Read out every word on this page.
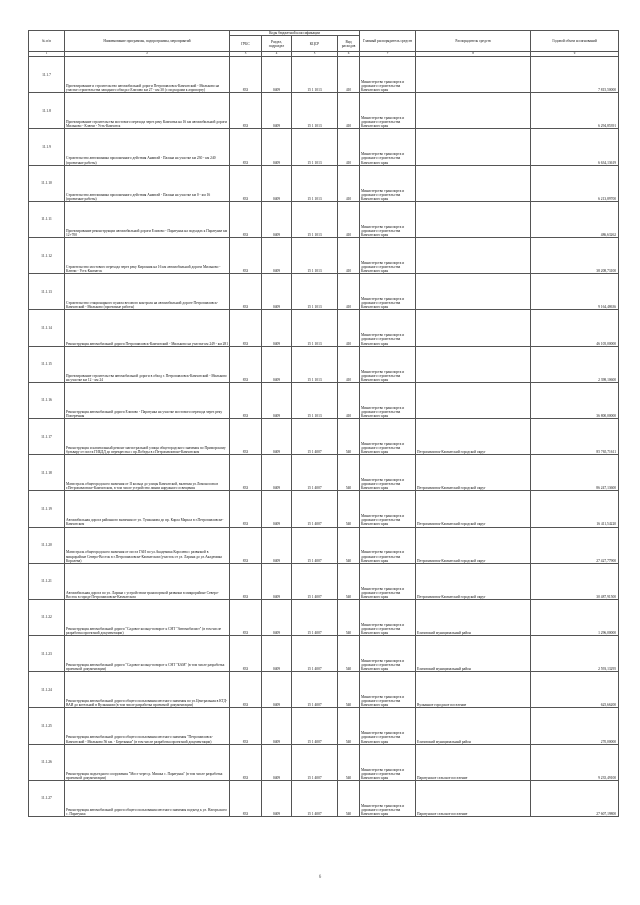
№ п/п	Наименование программы, подпрограммы, мероприятий	Коды бюджетной классификации				Главный распорядитель средств	Распорядитель средств	Годовой объем ассигнований
		ГРБС	Раздел, подраздел	КЦСР	Вид расходов			
1	2	3	4	5	6	7	8	9
11.1.7	Проектирование и строительство автомобильной дороги Петропавловск-Камчатский - Мильково на участке строительства западного обхода г.Елизово км 27 - км 30 (с подходами к аэропорту)	833	0409	15 1 1013	410	Министерство транспорта и дорожного строительства Камчатского края		7 815,50000
11.1.8	Проектирование строительства мостового перехода через реку Камчатка на 16 км автомобильной дороги Мильково - Ключи - Усть-Камчатск	833	0409	15 1 1013	410	Министерство транспорта и дорожного строительства Камчатского края		6 294,85391
11.1.9	Строительство автозимника проложенного действия Анавгай - Палана на участке км 230 - км 240 (проектные работы)	833	0409	15 1 1013	410	Министерство транспорта и дорожного строительства Камчатского края		6 634,13619
11.1.10	Строительство автозимника проложенного действия Анавгай - Палана на участке км 0 - км 16 (проектные работы)	833	0409	15 1 1013	410	Министерство транспорта и дорожного строительства Камчатского края		6 213,89700
11.1.11	Проектирование реконструкции автомобильной дороги Елизово - Паратунка на подходах к Паратунке км 12+700	833	0409	15 1 1013	410	Министерство транспорта и дорожного строительства Камчатского края		486,63262
11.1.12	Строительство мостового перехода через реку Кирганик на 16 км автомобильной дороги Мильково - Ключи - Усть-Камчатск	833	0409	15 1 1013	410	Министерство транспорта и дорожного строительства Камчатского края		38 208,73100
11.1.13	Строительство стационарного пункта весового контроля на автомобильной дороге Петропавловск-Камчатский - Мильково (проектные работы)	833	0409	15 1 1013	410	Министерство транспорта и дорожного строительства Камчатского края		9 164,48636
11.1.14	Реконструкция автомобильной дороги Петропавловск-Камчатский - Мильково на участке км 249 - км 281	833	0409	15 1 1013	410	Министерство транспорта и дорожного строительства Камчатского края		46 105,00000
11.1.15	Проектирование строительства автомобильной дороги в обход г. Петропавловск-Камчатский - Мильково на участке км 12 - км 24	833	0409	15 1 1013	410	Министерство транспорта и дорожного строительства Камчатского края		2 398,10600
11.1.16	Реконструкция автомобильной дороги Елизово - Паратунка на участке мостового перехода через реку Поперечная	833	0409	15 1 1013	410	Министерство транспорта и дорожного строительства Камчатского края		36 800,00000
11.1.17	Реконструкция и капитальный ремонт магистральной улицы общегородского значения по Приморскому бульвару от поста ГИБДД до перекрестка с пр.Победы в г.Петропавловске-Камчатском	833	0409	15 1 4007	540	Министерство транспорта и дорожного строительства Камчатского края	Петропавловск-Камчатский городской округ	85 765,71611
11.1.18	Магистраль общегородского значения от II кольца до улицы Камчатской, включая ул.Ломоносова в г.Петропавловске-Камчатском, в том числе устройство линии наружного освещения	833	0409	15 1 4007	540	Министерство транспорта и дорожного строительства Камчатского края	Петропавловск-Камчатский городской округ	86 247,13600
11.1.19	Автомобильная дорога районного значения от ул. Тушканова до пр. Карла Маркса в г.Петропавловске-Камчатском	833	0409	15 1 4007	540	Министерство транспорта и дорожного строительства Камчатского края	Петропавловск-Камчатский городской округ	16 411,54220
11.1.20	Магистраль общегородского значения от поста ГАИ по ул.Академика Королева с развязкой в микрорайоне Северо-Восток в г.Петропавловске-Камчатском (участок от ул. Ларина до ул.Академика Королева)	833	0409	15 1 4007	540	Министерство транспорта и дорожного строительства Камчатского края	Петропавловск-Камчатский городской округ	27 427,77900
11.1.21	Автомобильная дорога по ул. Ларина с устройством транспортной развязки в микрорайоне Северо-Восток в городе Петропавловске-Камчатском	833	0409	15 1 4007	540	Министерство транспорта и дорожного строительства Камчатского края	Петропавловск-Камчатский городской округ	30 487,91500
11.1.22	Реконструкция автомобильной дороги "Садовое кольцо-поворот к СНТ "Автомобилист" (в том числе разработка проектной документации)	833	0409	15 1 4007	540	Министерство транспорта и дорожного строительства Камчатского края	Елизовский муниципальный район	1 296,00000
11.1.23	Реконструкция автомобильной дороги "Садовое кольцо-поворот к СНТ "БАМ" (в том числе разработка проектной документации)	833	0409	15 1 4007	540	Министерство транспорта и дорожного строительства Камчатского края	Елизовский муниципальный район	2 593,13295
11.1.24	Реконструкция автомобильной дороги общего пользования местного значения по ул.Центральная в КТД-ВАИ до котельной в Вулканном (в том числе разработка проектной документации)	833	0409	15 1 4007	540	Министерство транспорта и дорожного строительства Камчатского края	Вулканное городское поселение	625,66200
11.1.25	Реконструкция автомобильной дороги общего пользования местного значения "Петропавловск-Камчатский - Мильково 56 км. - Березняки" (в том числе разработка проектной документации)	833	0409	15 1 4007	540	Министерство транспорта и дорожного строительства Камчатского края	Елизовский муниципальный район	270,00000
11.1.26	Реконструкция подъездного сооружения "Мост через р. Мишка с. Паратунка" (в том числе разработка проектной документации)	833	0409	15 1 4007	540	Министерство транспорта и дорожного строительства Камчатского края	Паратунское сельское поселение	9 235,49100
11.1.27	Реконструкция автомобильной дороги общего пользования местного значения подъезд к ул. Нагорьского с. Паратунка	833	0409	15 1 4007	540	Министерство транспорта и дорожного строительства Камчатского края	Паратунское сельское поселение	27 607,19800
6
